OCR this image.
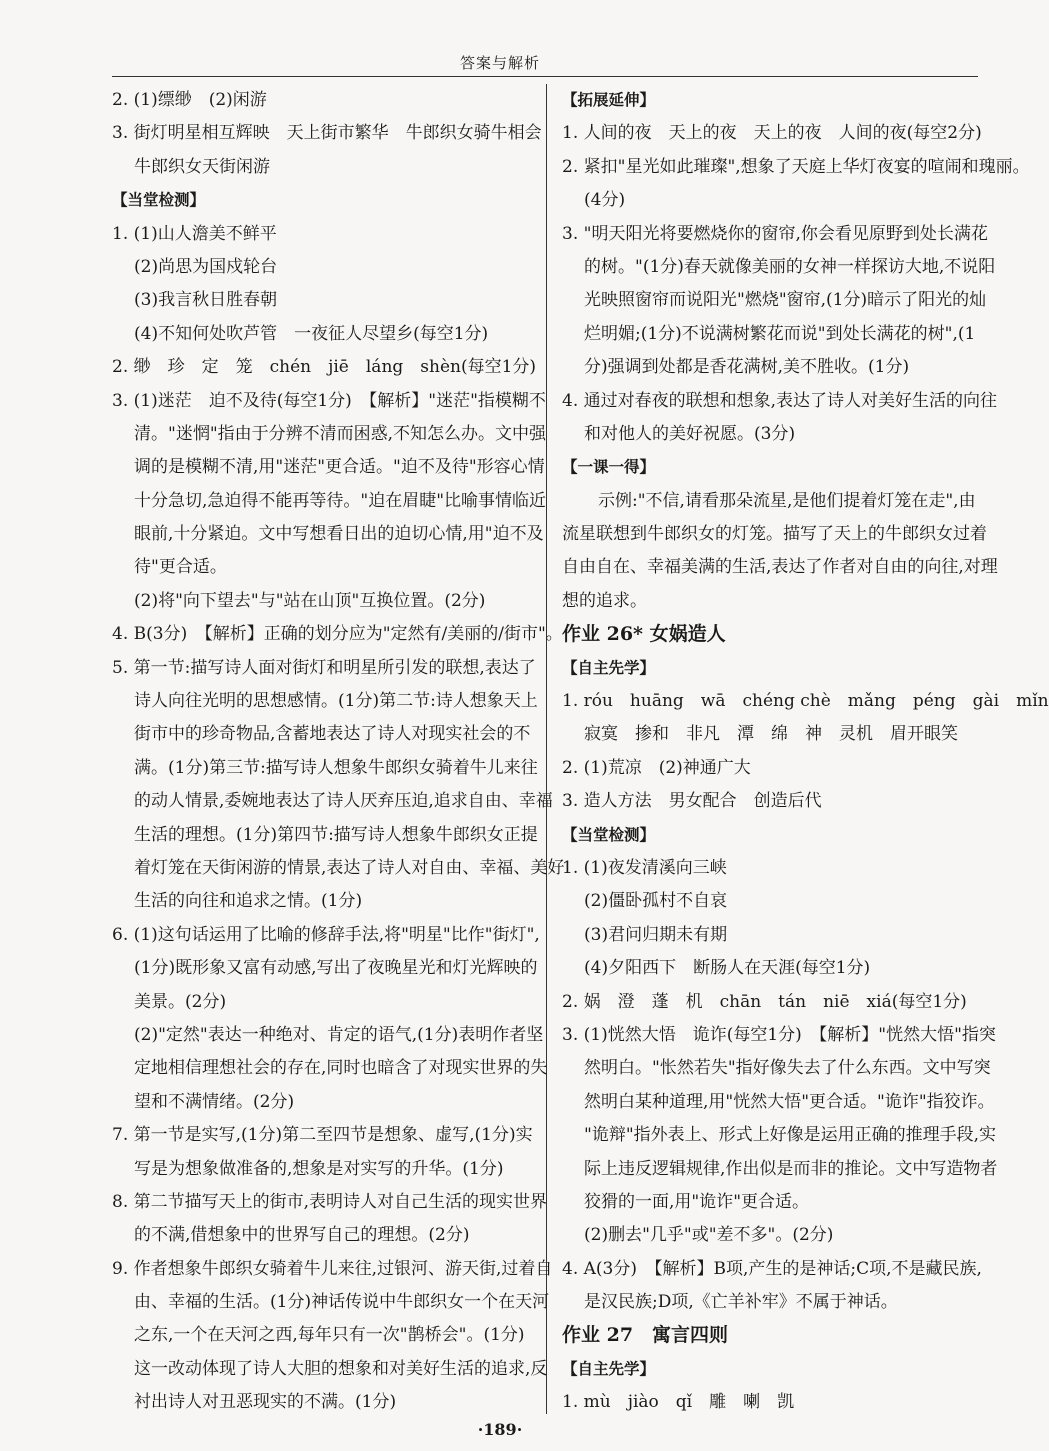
答案与解析
2. (1)缥缈　(2)闲游
3. 街灯明星相互辉映　天上街市繁华　牛郎织女骑牛相会
牛郎织女天街闲游
【当堂检测】
1. (1)山人澹美不鲜平
(2)尚思为国戍轮台
(3)我言秋日胜春朝
(4)不知何处吹芦管　一夜征人尽望乡(每空1分)
2. 缈　珍　定　笼　chén　jiē　láng　shèn(每空1分)
3. (1)迷茫　迫不及待(每空1分)　【解析】"迷茫"指模糊不
清。"迷惘"指由于分辨不清而困惑,不知怎么办。文中强
调的是模糊不清,用"迷茫"更合适。"迫不及待"形容心情
十分急切,急迫得不能再等待。"迫在眉睫"比喻事情临近
眼前,十分紧迫。文中写想看日出的迫切心情,用"迫不及
待"更合适。
(2)将"向下望去"与"站在山顶"互换位置。(2分)
4. B(3分)　【解析】正确的划分应为"定然有/美丽的/街市"。
5. 第一节:描写诗人面对街灯和明星所引发的联想,表达了
诗人向往光明的思想感情。(1分)第二节:诗人想象天上
街市中的珍奇物品,含蓄地表达了诗人对现实社会的不
满。(1分)第三节:描写诗人想象牛郎织女骑着牛儿来往
的动人情景,委婉地表达了诗人厌弃压迫,追求自由、幸福
生活的理想。(1分)第四节:描写诗人想象牛郎织女正提
着灯笼在天街闲游的情景,表达了诗人对自由、幸福、美好
生活的向往和追求之情。(1分)
6. (1)这句话运用了比喻的修辞手法,将"明星"比作"街灯",
(1分)既形象又富有动感,写出了夜晚星光和灯光辉映的
美景。(2分)
(2)"定然"表达一种绝对、肯定的语气,(1分)表明作者坚
定地相信理想社会的存在,同时也暗含了对现实世界的失
望和不满情绪。(2分)
7. 第一节是实写,(1分)第二至四节是想象、虚写,(1分)实
写是为想象做准备的,想象是对实写的升华。(1分)
8. 第二节描写天上的街市,表明诗人对自己生活的现实世界
的不满,借想象中的世界写自己的理想。(2分)
9. 作者想象牛郎织女骑着牛儿来往,过银河、游天街,过着自
由、幸福的生活。(1分)神话传说中牛郎织女一个在天河
之东,一个在天河之西,每年只有一次"鹊桥会"。(1分)
这一改动体现了诗人大胆的想象和对美好生活的追求,反
衬出诗人对丑恶现实的不满。(1分)
【拓展延伸】
1. 人间的夜　天上的夜　天上的夜　人间的夜(每空2分)
2. 紧扣"星光如此璀璨",想象了天庭上华灯夜宴的喧闹和瑰丽。
(4分)
3. "明天阳光将要燃烧你的窗帘,你会看见原野到处长满花
的树。"(1分)春天就像美丽的女神一样探访大地,不说阳
光映照窗帘而说阳光"燃烧"窗帘,(1分)暗示了阳光的灿
烂明媚;(1分)不说满树繁花而说"到处长满花的树",(1
分)强调到处都是香花满树,美不胜收。(1分)
4. 通过对春夜的联想和想象,表达了诗人对美好生活的向往
和对他人的美好祝愿。(3分)
【一课一得】
示例:"不信,请看那朵流星,是他们提着灯笼在走",由
流星联想到牛郎织女的灯笼。描写了天上的牛郎织女过着
自由自在、幸福美满的生活,表达了作者对自由的向往,对理
想的追求。
作业 26* 女娲造人
【自主先学】
1. róu　huāng　wā　chéng chè　mǎng　péng　gài　mǐn
寂寞　掺和　非凡　潭　绵　神　灵机　眉开眼笑
2. (1)荒凉　(2)神通广大
3. 造人方法　男女配合　创造后代
【当堂检测】
1. (1)夜发清溪向三峡
(2)僵卧孤村不自哀
(3)君问归期未有期
(4)夕阳西下　断肠人在天涯(每空1分)
2. 娲　澄　蓬　机　chān　tán　niē　xiá(每空1分)
3. (1)恍然大悟　诡诈(每空1分)　【解析】"恍然大悟"指突
然明白。"怅然若失"指好像失去了什么东西。文中写突
然明白某种道理,用"恍然大悟"更合适。"诡诈"指狡诈。
"诡辩"指外表上、形式上好像是运用正确的推理手段,实
际上违反逻辑规律,作出似是而非的推论。文中写造物者
狡猾的一面,用"诡诈"更合适。
(2)删去"几乎"或"差不多"。(2分)
4. A(3分)　【解析】B项,产生的是神话;C项,不是藏民族,
是汉民族;D项,《亡羊补牢》不属于神话。
作业 27　寓言四则
【自主先学】
1. mù　jiào　qǐ　雕　喇　凯
·189·
